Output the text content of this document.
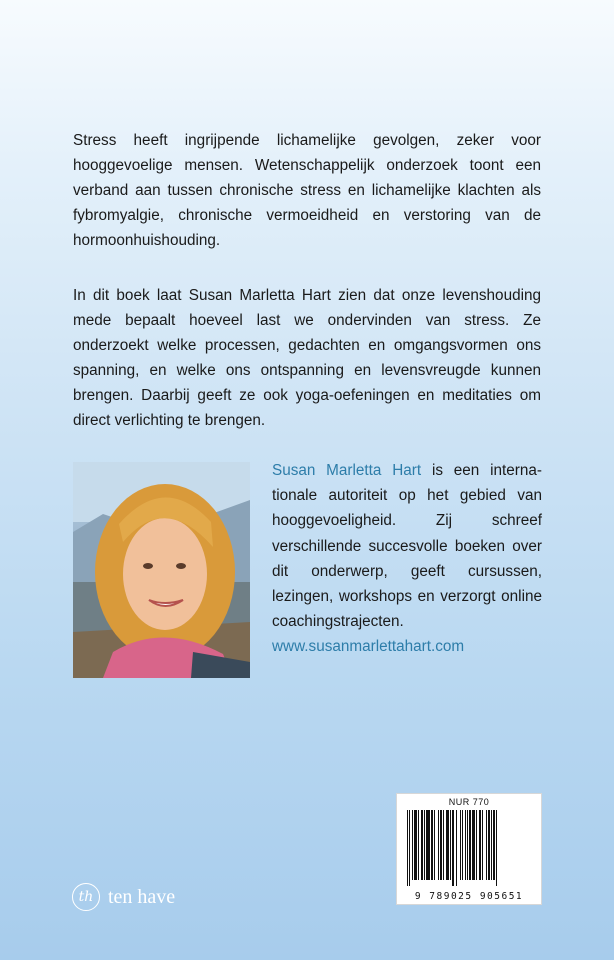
Stress heeft ingrijpende lichamelijke gevolgen, zeker voor hooggevoelige mensen. Wetenschappelijk onderzoek toont een verband aan tussen chronische stress en lichamelijke klachten als fybromyalgie, chronische vermoeidheid en verstoring van de hormoonhuishouding.

In dit boek laat Susan Marletta Hart zien dat onze levenshouding mede bepaalt hoeveel last we ondervinden van stress. Ze onderzoekt welke processen, gedachten en omgangsvormen ons spanning, en welke ons ontspanning en levensvreugde kunnen brengen. Daarbij geeft ze ook yoga-oefeningen en meditaties om direct verlichting te brengen.

Susan Marletta Hart is een internationale autoriteit op het gebied van hooggevoeligheid. Zij schreef verschillende succesvolle boeken over dit onderwerp, geeft cursussen, lezingen, workshops en verzorgt online coachingstrajecten.
www.susanmarlettahart.com

NUR 770
9 789025 905651
th ten have
